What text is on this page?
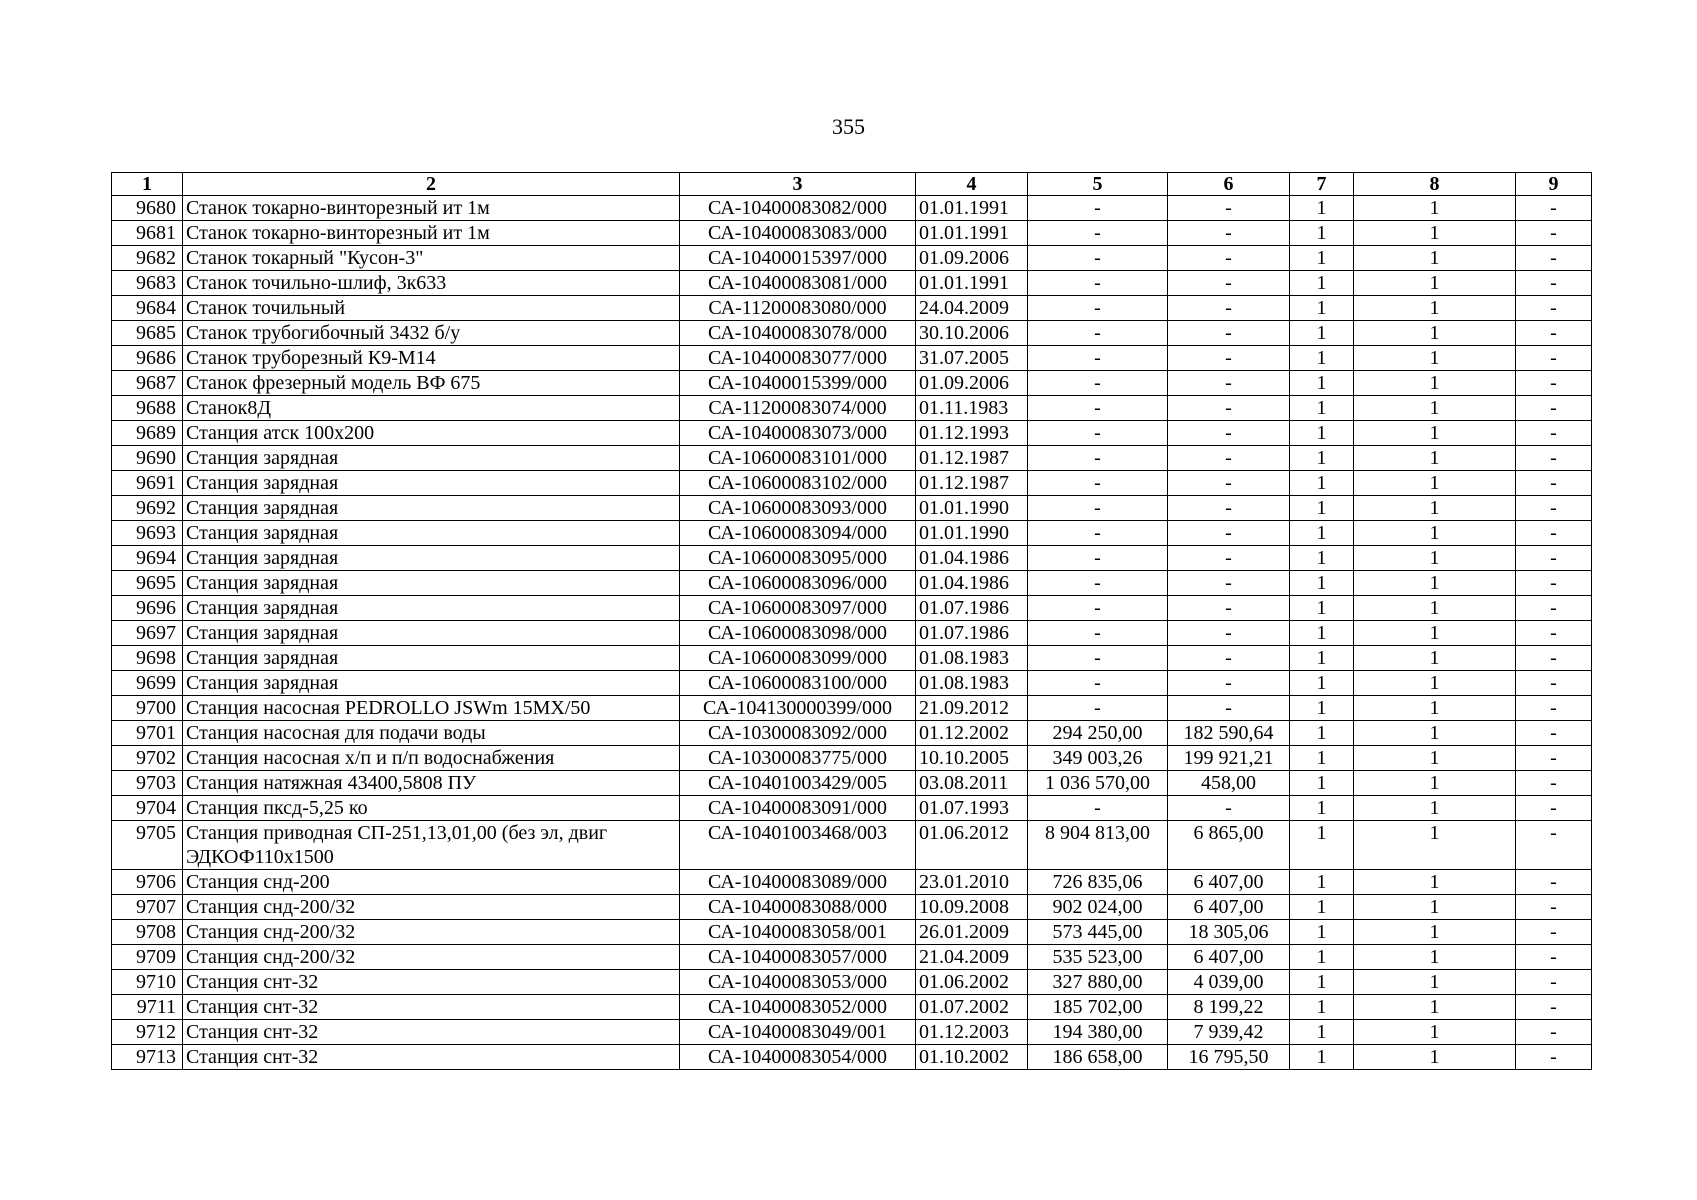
355
1	2	3	4	5	6	7	8	9
9680	Станок токарно-винторезный ит 1м	СА-10400083082/000	01.01.1991	-	-	1	1	-
9681	Станок токарно-винторезный ит 1м	СА-10400083083/000	01.01.1991	-	-	1	1	-
9682	Станок токарный "Кусон-3"	СА-10400015397/000	01.09.2006	-	-	1	1	-
9683	Станок точильно-шлиф, 3к633	СА-10400083081/000	01.01.1991	-	-	1	1	-
9684	Станок точильный	СА-11200083080/000	24.04.2009	-	-	1	1	-
9685	Станок трубогибочный 3432 б/у	СА-10400083078/000	30.10.2006	-	-	1	1	-
9686	Станок труборезный К9-М14	СА-10400083077/000	31.07.2005	-	-	1	1	-
9687	Станок фрезерный модель ВФ 675	СА-10400015399/000	01.09.2006	-	-	1	1	-
9688	Станок8Д	СА-11200083074/000	01.11.1983	-	-	1	1	-
9689	Станция атск 100х200	СА-10400083073/000	01.12.1993	-	-	1	1	-
9690	Станция зарядная	СА-10600083101/000	01.12.1987	-	-	1	1	-
9691	Станция зарядная	СА-10600083102/000	01.12.1987	-	-	1	1	-
9692	Станция зарядная	СА-10600083093/000	01.01.1990	-	-	1	1	-
9693	Станция зарядная	СА-10600083094/000	01.01.1990	-	-	1	1	-
9694	Станция зарядная	СА-10600083095/000	01.04.1986	-	-	1	1	-
9695	Станция зарядная	СА-10600083096/000	01.04.1986	-	-	1	1	-
9696	Станция зарядная	СА-10600083097/000	01.07.1986	-	-	1	1	-
9697	Станция зарядная	СА-10600083098/000	01.07.1986	-	-	1	1	-
9698	Станция зарядная	СА-10600083099/000	01.08.1983	-	-	1	1	-
9699	Станция зарядная	СА-10600083100/000	01.08.1983	-	-	1	1	-
9700	Станция насосная PEDROLLO JSWm 15MX/50	СА-104130000399/000	21.09.2012	-	-	1	1	-
9701	Станция насосная для подачи воды	СА-10300083092/000	01.12.2002	294 250,00	182 590,64	1	1	-
9702	Станция насосная х/п и п/п водоснабжения	СА-10300083775/000	10.10.2005	349 003,26	199 921,21	1	1	-
9703	Станция натяжная 43400,5808 ПУ	СА-10401003429/005	03.08.2011	1 036 570,00	458,00	1	1	-
9704	Станция пксд-5,25 ко	СА-10400083091/000	01.07.1993	-	-	1	1	-
9705	Станция приводная СП-251,13,01,00 (без эл, двиг ЭДКОФ110х1500	СА-10401003468/003	01.06.2012	8 904 813,00	6 865,00	1	1	-
9706	Станция снд-200	СА-10400083089/000	23.01.2010	726 835,06	6 407,00	1	1	-
9707	Станция снд-200/32	СА-10400083088/000	10.09.2008	902 024,00	6 407,00	1	1	-
9708	Станция снд-200/32	СА-10400083058/001	26.01.2009	573 445,00	18 305,06	1	1	-
9709	Станция снд-200/32	СА-10400083057/000	21.04.2009	535 523,00	6 407,00	1	1	-
9710	Станция снт-32	СА-10400083053/000	01.06.2002	327 880,00	4 039,00	1	1	-
9711	Станция снт-32	СА-10400083052/000	01.07.2002	185 702,00	8 199,22	1	1	-
9712	Станция снт-32	СА-10400083049/001	01.12.2003	194 380,00	7 939,42	1	1	-
9713	Станция снт-32	СА-10400083054/000	01.10.2002	186 658,00	16 795,50	1	1	-
